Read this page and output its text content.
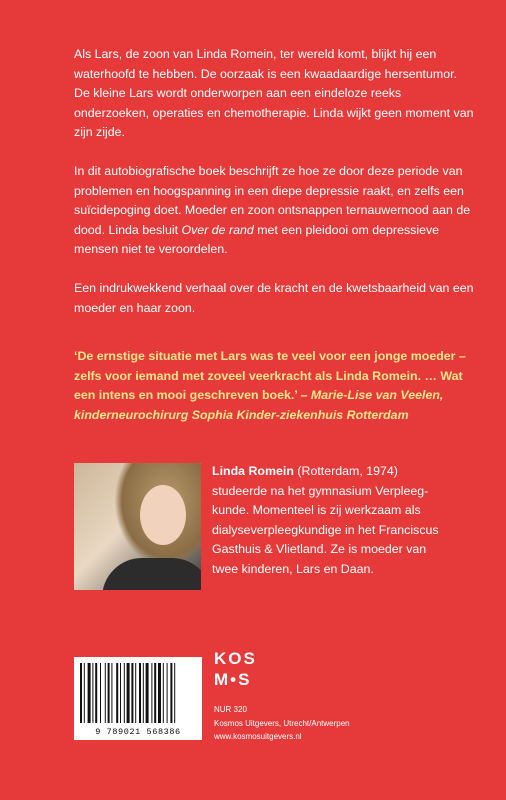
Als Lars, de zoon van Linda Romein, ter wereld komt, blijkt hij een waterhoofd te hebben. De oorzaak is een kwaadaardige hersentumor. De kleine Lars wordt onderworpen aan een eindeloze reeks onderzoeken, operaties en chemotherapie. Linda wijkt geen moment van zijn zijde.

In dit autobiografische boek beschrijft ze hoe ze door deze periode van problemen en hoogspanning in een diepe depressie raakt, en zelfs een suïcidepoging doet. Moeder en zoon ontsnappen ternauwernood aan de dood. Linda besluit Over de rand met een pleidooi om depressieve mensen niet te veroordelen.

Een indrukwekkend verhaal over de kracht en de kwetsbaarheid van een moeder en haar zoon.

‘De ernstige situatie met Lars was te veel voor een jonge moeder – zelfs voor iemand met zoveel veerkracht als Linda Romein. … Wat een intens en mooi geschreven boek.’ – Marie-Lise van Veelen, kinderneurochirurg Sophia Kinder-ziekenhuis Rotterdam
Linda Romein (Rotterdam, 1974) studeerde na het gymnasium Verpleeg-kunde. Momenteel is zij werkzaam als dialyseverpleegkundige in het Franciscus Gasthuis & Vlietland. Ze is moeder van twee kinderen, Lars en Daan.
9 789021 568386
KOS
M•S
NUR 320
Kosmos Uitgevers, Utrecht/Antwerpen
www.kosmosuitgevers.nl
